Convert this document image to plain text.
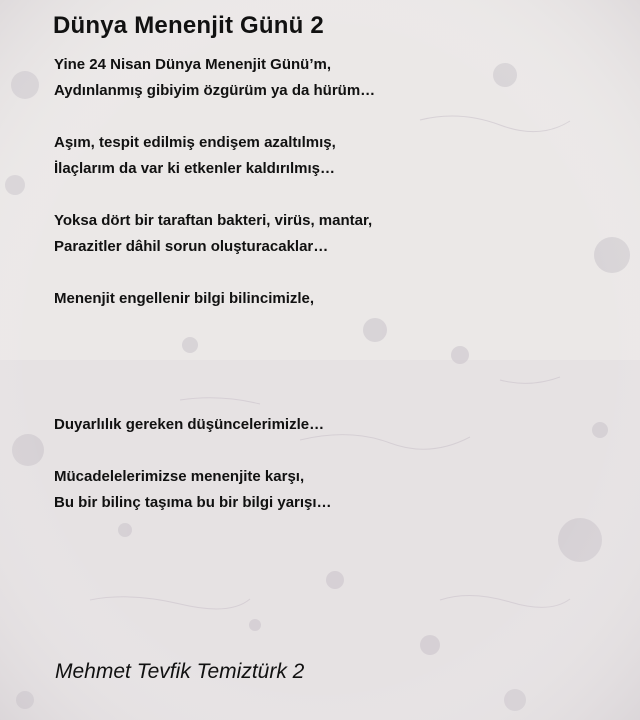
Dünya Menenjit Günü 2
Yine 24 Nisan Dünya Menenjit Günü’m,
Aydınlanmış gibiyim özgürüm ya da hürüm…
Aşım, tespit edilmiş endişem azaltılmış,
İlaçlarım da var ki etkenler kaldırılmış…
Yoksa dört bir taraftan bakteri, virüs, mantar,
Parazitler dâhil sorun oluşturacaklar…
Menenjit engellenir bilgi bilincimizle,
Duyarlılık gereken düşüncelerimizle…
Mücadelelerimizse menenjite karşı,
Bu bir bilinç taşıma bu bir bilgi yarışı…
Mehmet Tevfik Temiztürk 2
